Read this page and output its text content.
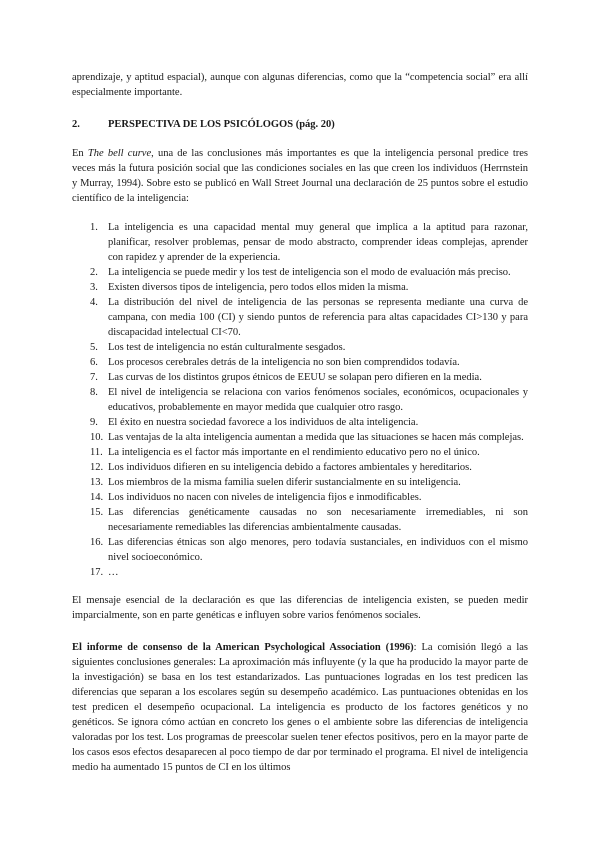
aprendizaje, y aptitud espacial), aunque con algunas diferencias, como que la “competencia social” era allí especialmente importante.

2.	PERSPECTIVA DE LOS PSICÓLOGOS (pág. 20)

En The bell curve, una de las conclusiones más importantes es que la inteligencia personal predice tres veces más la futura posición social que las condiciones sociales en las que creen los individuos (Herrnstein y Murray, 1994). Sobre esto se publicó en Wall Street Journal una declaración de 25 puntos sobre el estudio científico de la inteligencia:

1. La inteligencia es una capacidad mental muy general que implica a la aptitud para razonar, planificar, resolver problemas, pensar de modo abstracto, comprender ideas complejas, aprender con rapidez y aprender de la experiencia.
2. La inteligencia se puede medir y los test de inteligencia son el modo de evaluación más preciso.
3. Existen diversos tipos de inteligencia, pero todos ellos miden la misma.
4. La distribución del nivel de inteligencia de las personas se representa mediante una curva de campana, con media 100 (CI) y siendo puntos de referencia para altas capacidades CI>130 y para discapacidad intelectual CI<70.
5. Los test de inteligencia no están culturalmente sesgados.
6. Los procesos cerebrales detrás de la inteligencia no son bien comprendidos todavía.
7. Las curvas de los distintos grupos étnicos de EEUU se solapan pero difieren en la media.
8. El nivel de inteligencia se relaciona con varios fenómenos sociales, económicos, ocupacionales y educativos, probablemente en mayor medida que cualquier otro rasgo.
9. El éxito en nuestra sociedad favorece a los individuos de alta inteligencia.
10. Las ventajas de la alta inteligencia aumentan a medida que las situaciones se hacen más complejas.
11. La inteligencia es el factor más importante en el rendimiento educativo pero no el único.
12. Los individuos difieren en su inteligencia debido a factores ambientales y hereditarios.
13. Los miembros de la misma familia suelen diferir sustancialmente en su inteligencia.
14. Los individuos no nacen con niveles de inteligencia fijos e inmodificables.
15. Las diferencias genéticamente causadas no son necesariamente irremediables, ni son necesariamente remediables las diferencias ambientalmente causadas.
16. Las diferencias étnicas son algo menores, pero todavía sustanciales, en individuos con el mismo nivel socioeconómico.
17. …

El mensaje esencial de la declaración es que las diferencias de inteligencia existen, se pueden medir imparcialmente, son en parte genéticas e influyen sobre varios fenómenos sociales.

El informe de consenso de la American Psychological Association (1996): La comisión llegó a las siguientes conclusiones generales: La aproximación más influyente (y la que ha producido la mayor parte de la investigación) se basa en los test estandarizados. Las puntuaciones logradas en los test predicen las diferencias que separan a los escolares según su desempeño académico. Las puntuaciones obtenidas en los test predicen el desempeño ocupacional. La inteligencia es producto de los factores genéticos y no genéticos. Se ignora cómo actúan en concreto los genes o el ambiente sobre las diferencias de inteligencia valoradas por los test. Los programas de preescolar suelen tener efectos positivos, pero en la mayor parte de los casos esos efectos desaparecen al poco tiempo de dar por terminado el programa. El nivel de inteligencia medio ha aumentado 15 puntos de CI en los últimos
